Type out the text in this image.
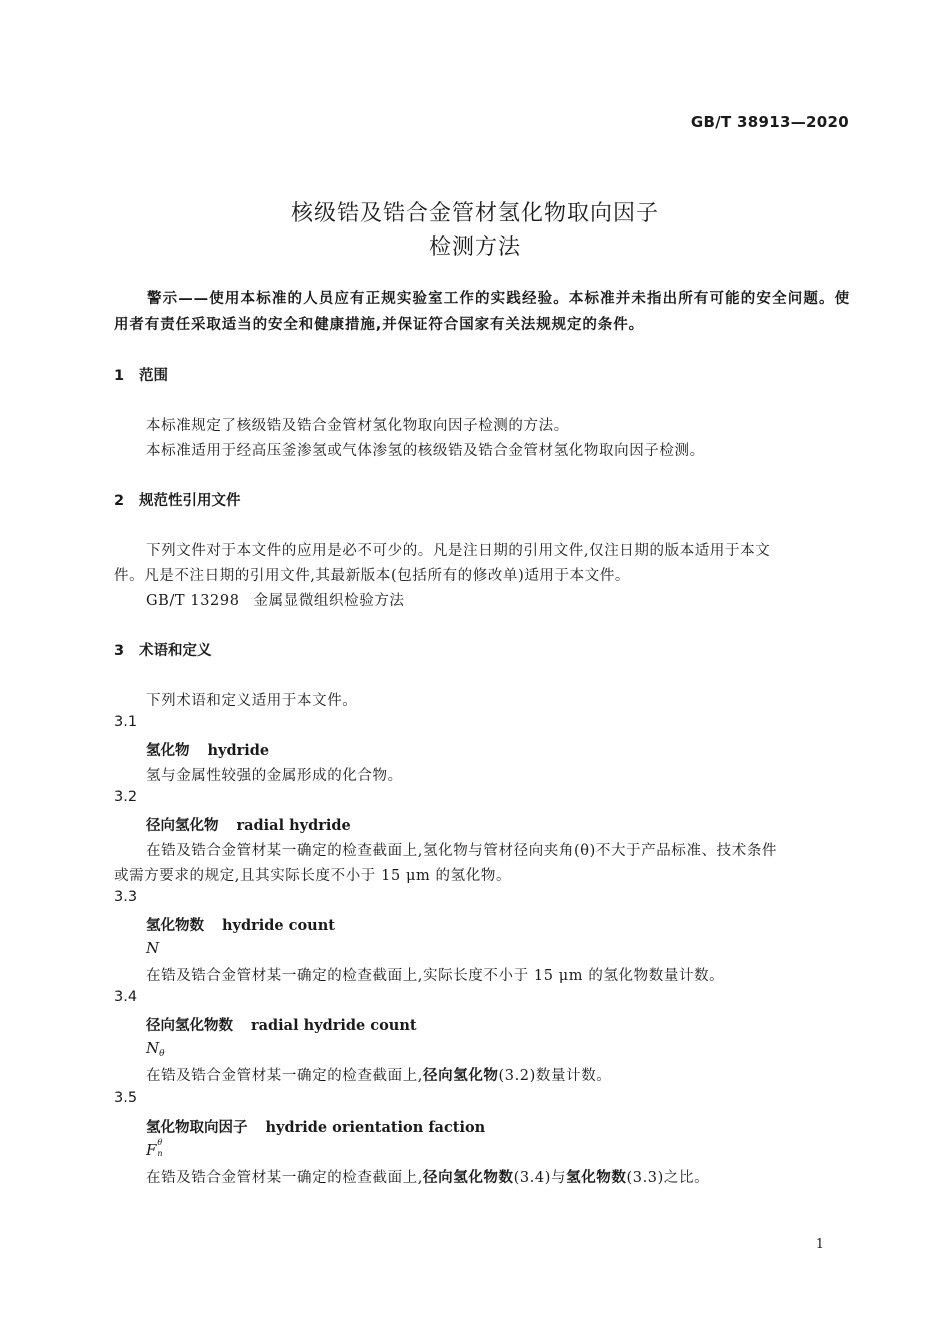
GB/T 38913—2020
核级锆及锆合金管材氢化物取向因子
检测方法
警示——使用本标准的人员应有正规实验室工作的实践经验。本标准并未指出所有可能的安全问题。使用者有责任采取适当的安全和健康措施,并保证符合国家有关法规规定的条件。
1 范围
本标准规定了核级锆及锆合金管材氢化物取向因子检测的方法。
本标准适用于经高压釜渗氢或气体渗氢的核级锆及锆合金管材氢化物取向因子检测。
2 规范性引用文件
下列文件对于本文件的应用是必不可少的。凡是注日期的引用文件,仅注日期的版本适用于本文
件。凡是不注日期的引用文件,其最新版本(包括所有的修改单)适用于本文件。
GB/T 13298 金属显微组织检验方法
3 术语和定义
下列术语和定义适用于本文件。
3.1
氢化物 hydride
氢与金属性较强的金属形成的化合物。
3.2
径向氢化物 radial hydride
在锆及锆合金管材某一确定的检查截面上,氢化物与管材径向夹角(θ)不大于产品标准、技术条件
或需方要求的规定,且其实际长度不小于 15 μm 的氢化物。
3.3
氢化物数 hydride count
N
在锆及锆合金管材某一确定的检查截面上,实际长度不小于 15 μm 的氢化物数量计数。
3.4
径向氢化物数 radial hydride count
$N_\theta$
在锆及锆合金管材某一确定的检查截面上,径向氢化物(3.2)数量计数。
3.5
氢化物取向因子 hydride orientation faction
F θ
n
在锆及锆合金管材某一确定的检查截面上,径向氢化物数(3.4)与氢化物数(3.3)之比。
1
